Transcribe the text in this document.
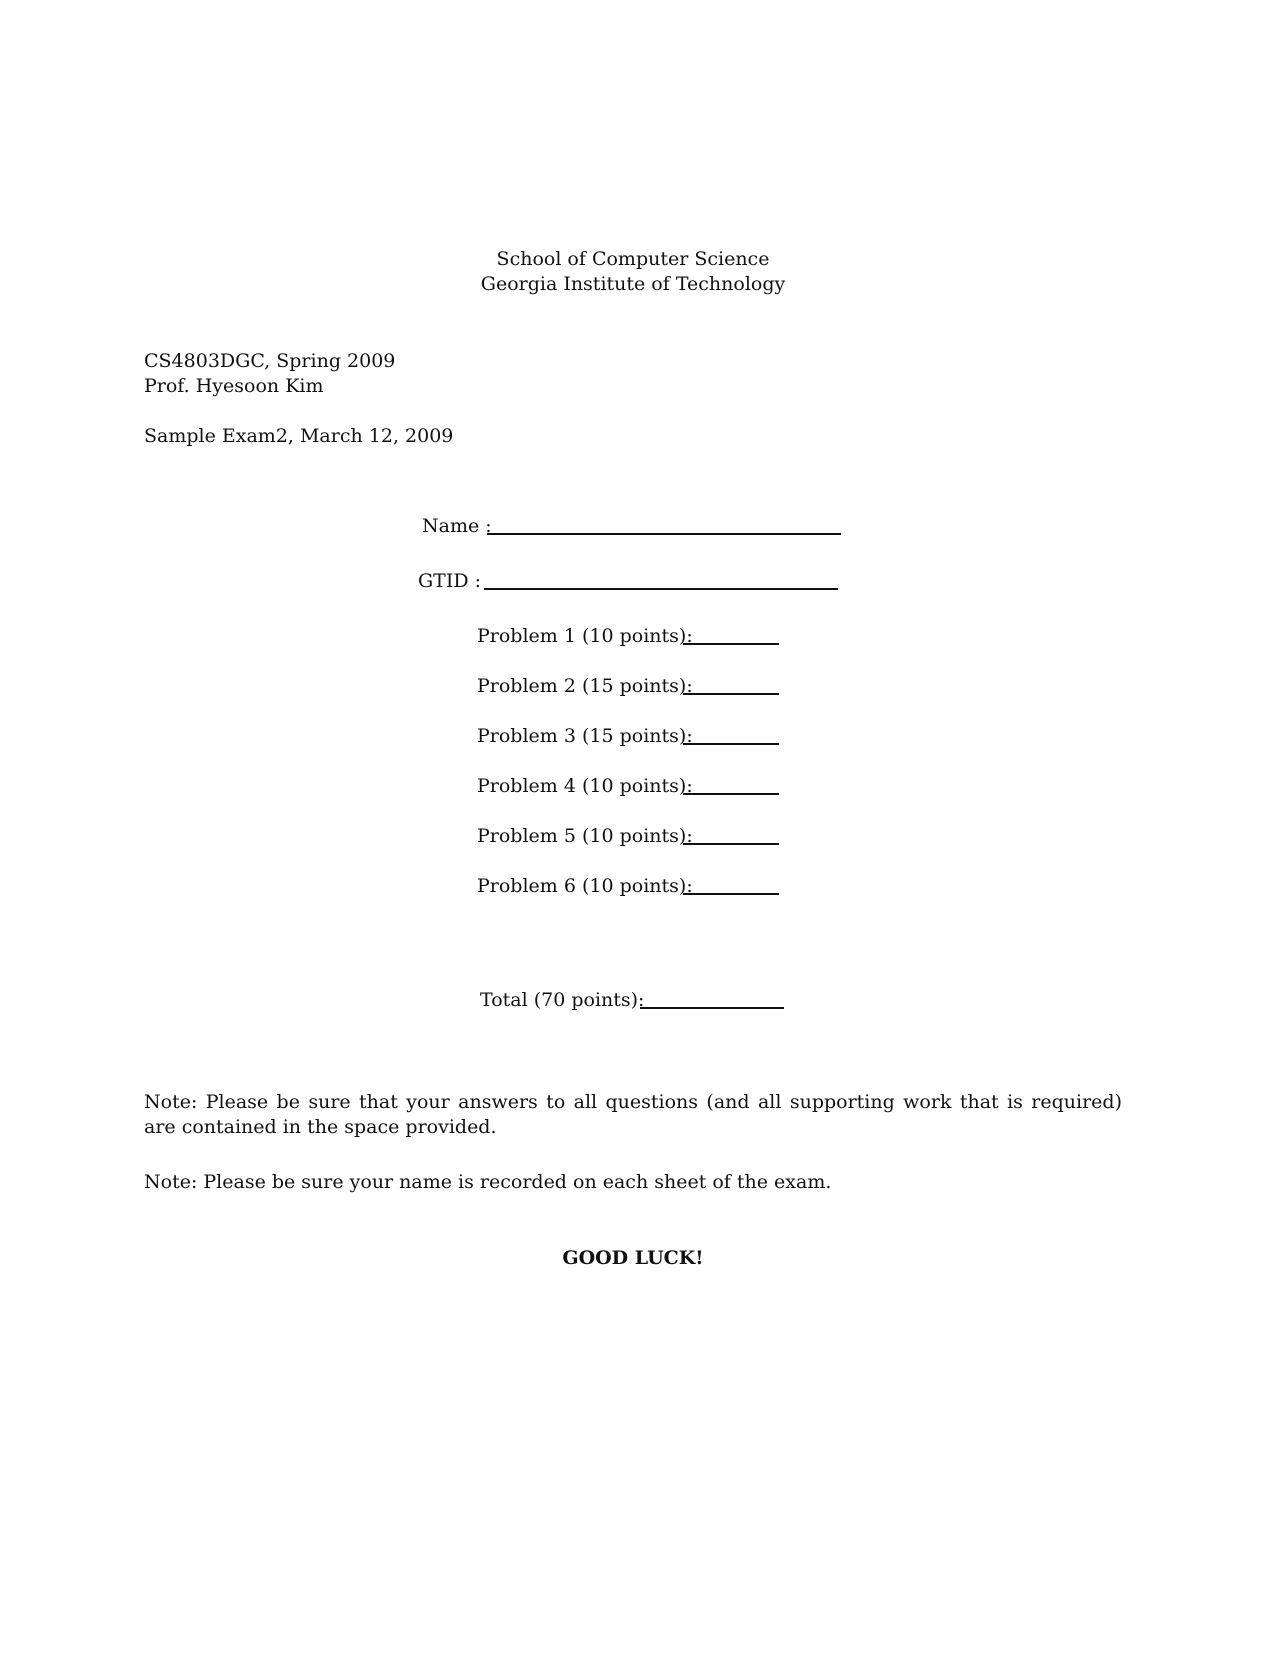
School of Computer Science
Georgia Institute of Technology
CS4803DGC, Spring 2009
Prof. Hyesoon Kim
Sample Exam2, March 12, 2009
Name :
GTID :
Problem 1 (10 points):
Problem 2 (15 points):
Problem 3 (15 points):
Problem 4 (10 points):
Problem 5 (10 points):
Problem 6 (10 points):
Total (70 points):
Note: Please be sure that your answers to all questions (and all supporting work that is required) are contained in the space provided.
Note: Please be sure your name is recorded on each sheet of the exam.
GOOD LUCK!
